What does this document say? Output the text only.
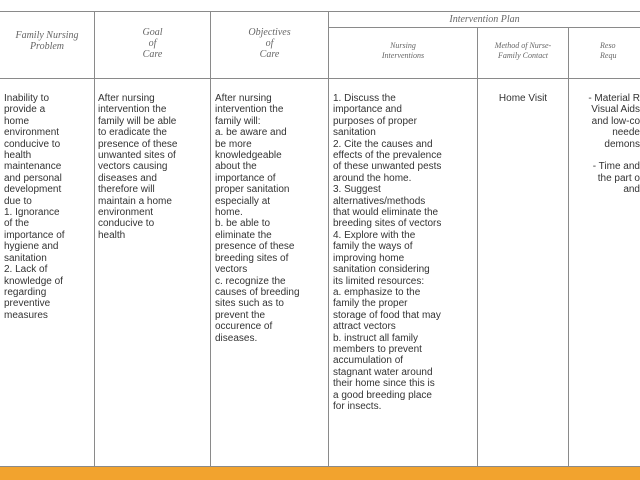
Family Nursing
Problem
Goal
of
Care
Objectives
of
Care
Intervention Plan
Nursing
Interventions
Method of Nurse-
Family Contact
Reso
Requ
Inability to
provide a
home
environment
conducive to
health
maintenance
and personal
development
due to
1. Ignorance
of the
importance of
hygiene and
sanitation
2. Lack of
knowledge of
regarding
preventive
measures
After nursing
intervention the
family will be able
to eradicate the
presence of these
unwanted sites of
vectors causing
diseases and
therefore will
maintain a home
environment
conducive to
health
After nursing
intervention the
family will:
a. be aware and
be more
knowledgeable
about the
importance of
proper sanitation
especially at
home.
b. be able to
eliminate the
presence of these
breeding sites of
vectors
c. recognize the
causes of breeding
sites such as to
prevent the
occurence of
diseases.
1. Discuss the
importance and
purposes of proper
sanitation
2. Cite the causes and
effects of the prevalence
of these unwanted pests
around the home.
3. Suggest
alternatives/methods
that would eliminate the
breeding sites of vectors
4. Explore with the
family the ways of
improving home
sanitation considering
its limited resources:
a. emphasize to the
family the proper
storage of food that may
attract vectors
b. instruct all family
members to prevent
accumulation of
stagnant water around
their home since this is
a good breeding place
for insects.
Home Visit	- Material R
Visual Aids
and low-co
neede
demons

- Time and
the part o
and
